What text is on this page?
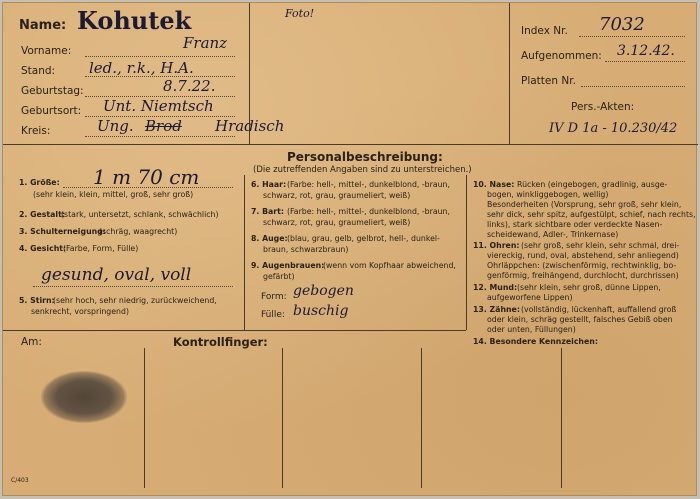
Name: Kohutek
Vorname:	Franz
Stand: led., r.k., H.A.
Geburtstag:	8.7.22.
Geburtsort: Unt. Niemtsch
Kreis:	Ung. Brod Hradisch
Foto!
Index Nr. 7032
Aufgenommen: 3.12.42.
Platten Nr.
Pers.-Akten:
IV D 1a - 10.230/42
Personalbeschreibung:
(Die zutreffenden Angaben sind zu unterstreichen.)
1. Größe: 1 m 70 cm
(sehr klein, klein, mittel, groß, sehr groß)
2. Gestalt:
(stark, untersetzt, schlank, schwächlich)
3. Schulterneigung:
(schräg, waagrecht)
4. Gesicht:
(Farbe, Form, Fülle)
gesund, oval, voll
5. Stirn:
(sehr hoch, sehr niedrig, zurückweichend,
senkrecht, vorspringend)
6. Haar: (Farbe: hell-, mittel-, dunkelblond, -braun,
schwarz, rot, grau, graumeliert, weiß)
7. Bart: (Farbe: hell-, mittel-, dunkelblond, -braun,
schwarz, rot, grau, graumeliert, weiß)
8. Auge: (blau, grau, gelb, gelbrot, hell-, dunkel-
braun, schwarzbraun)
9. Augenbrauen:
(wenn vom Kopfhaar abweichend,
gefärbt)
Form: gebogen
Fülle: buschig
10. Nase: Rücken (eingebogen, gradlinig, ausge-
bogen, winkliggebogen, wellig)
Besonderheiten (Vorsprung, sehr groß, sehr klein,
sehr dick, sehr spitz, aufgestülpt, schief, nach rechts,
links), stark sichtbare oder verdeckte Nasen-
scheidewand, Adler-, Trinkernase)
11. Ohren: (sehr groß, sehr klein, sehr schmal, drei-
viereckig, rund, oval, abstehend, sehr anliegend)
Ohrläppchen: (zwischenförmig, rechtwinklig, bo-
genförmig, freihängend, durchlocht, durchrissen)
12. Mund: (sehr klein, sehr groß, dünne Lippen,
aufgeworfene Lippen)
13. Zähne: (vollständig, lückenhaft, auffallend groß
oder klein, schräg gestellt, falsches Gebiß oben
oder unten, Füllungen)
14. Besondere Kennzeichen:
Am:	Kontrollfinger:
C/403
